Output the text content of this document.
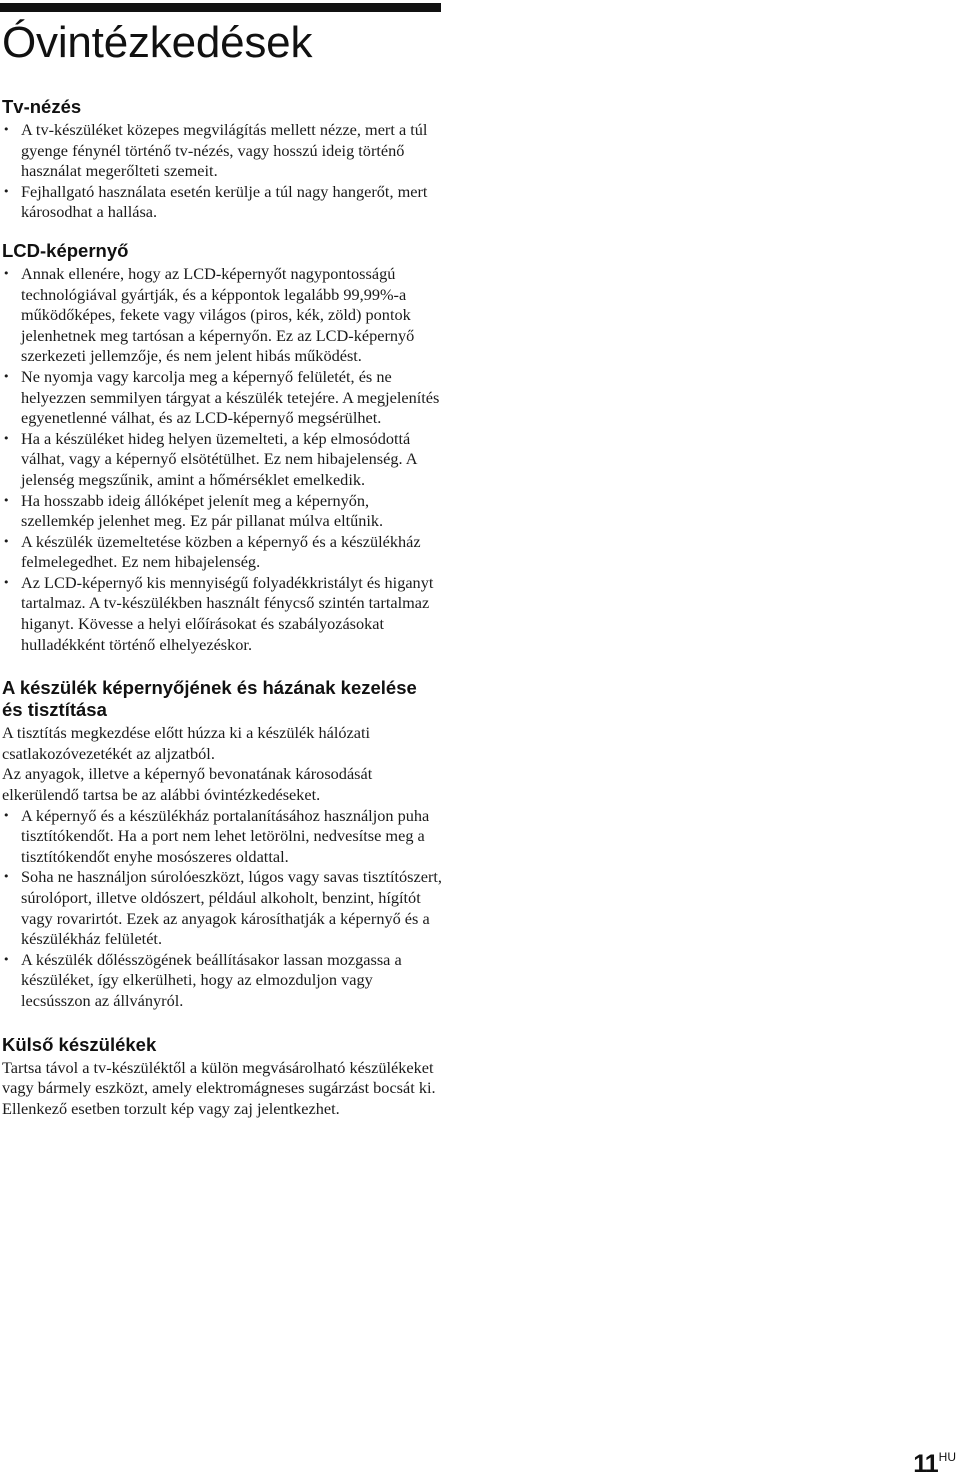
Óvintézkedések
Tv-nézés
• A tv-készüléket közepes megvilágítás mellett nézze, mert a túl gyenge fénynél történő tv-nézés, vagy hosszú ideig történő használat megerőlteti szemeit.
• Fejhallgató használata esetén kerülje a túl nagy hangerőt, mert károsodhat a hallása.
LCD-képernyő
• Annak ellenére, hogy az LCD-képernyőt nagypontosságú technológiával gyártják, és a képpontok legalább 99,99%-a működőképes, fekete vagy világos (piros, kék, zöld) pontok jelenhetnek meg tartósan a képernyőn. Ez az LCD-képernyő szerkezeti jellemzője, és nem jelent hibás működést.
• Ne nyomja vagy karcolja meg a képernyő felületét, és ne helyezzen semmilyen tárgyat a készülék tetejére. A megjelenítés egyenetlenné válhat, és az LCD-képernyő megsérülhet.
• Ha a készüléket hideg helyen üzemelteti, a kép elmosódottá válhat, vagy a képernyő elsötétülhet. Ez nem hibajelenség. A jelenség megszűnik, amint a hőmérséklet emelkedik.
• Ha hosszabb ideig állóképet jelenít meg a képernyőn, szellemkép jelenhet meg. Ez pár pillanat múlva eltűnik.
• A készülék üzemeltetése közben a képernyő és a készülékház felmelegedhet. Ez nem hibajelenség.
• Az LCD-képernyő kis mennyiségű folyadékkristályt és higanyt tartalmaz. A tv-készülékben használt fénycső szintén tartalmaz higanyt. Kövesse a helyi előírásokat és szabályozásokat hulladékként történő elhelyezéskor.
A készülék képernyőjének és házának kezelése és tisztítása

A tisztítás megkezdése előtt húzza ki a készülék hálózati csatlakozóvezetékét az aljzatból.

Az anyagok, illetve a képernyő bevonatának károsodását elkerülendő tartsa be az alábbi óvintézkedéseket.

• A képernyő és a készülékház portalanításához használjon puha tisztítókendőt. Ha a port nem lehet letörölni, nedvesítse meg a tisztítókendőt enyhe mosószeres oldattal.
• Soha ne használjon súrolóeszközt, lúgos vagy savas tisztítószert, súrolóport, illetve oldószert, például alkoholt, benzint, hígítót vagy rovarirtót. Ezek az anyagok károsíthatják a képernyő és a készülékház felületét.
• A készülék dőlésszögének beállításakor lassan mozgassa a készüléket, így elkerülheti, hogy az elmozduljon vagy lecsússzon az állványról.
Külső készülékek

Tartsa távol a tv-készüléktől a külön megvásárolható készülékeket vagy bármely eszközt, amely elektromágneses sugárzást bocsát ki. Ellenkező esetben torzult kép vagy zaj jelentkezhet.

$11^{HU}$
